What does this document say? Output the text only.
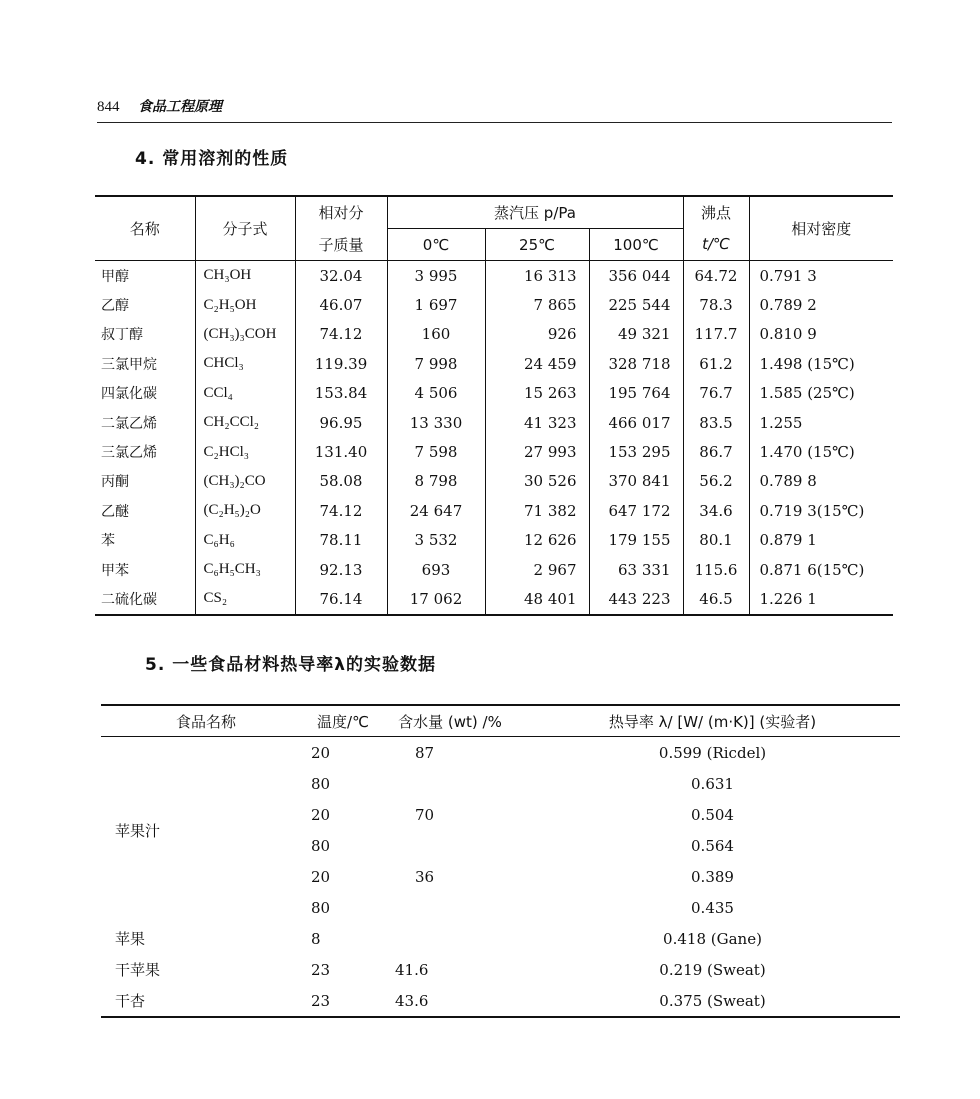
844 食品工程原理
4. 常用溶剂的性质
名称	分子式	相对分	蒸汽压 p/Pa			沸点	相对密度
		子质量	0℃	25℃	100℃	t/℃	
甲醇	CH₃OH	32.04	3 995	16 313	356 044	64.72	0.791 3
乙醇	C₂H₅OH	46.07	1 697	7 865	225 544	78.3	0.789 2
叔丁醇	(CH₃)₃COH	74.12	160	926	49 321	117.7	0.810 9
三氯甲烷	CHCl₃	119.39	7 998	24 459	328 718	61.2	1.498 (15℃)
四氯化碳	CCl₄	153.84	4 506	15 263	195 764	76.7	1.585 (25℃)
二氯乙烯	CH₂CCl₂	96.95	13 330	41 323	466 017	83.5	1.255
三氯乙烯	C₂HCl₃	131.40	7 598	27 993	153 295	86.7	1.470 (15℃)
丙酮	(CH₃)₂CO	58.08	8 798	30 526	370 841	56.2	0.789 8
乙醚	(C₂H₅)₂O	74.12	24 647	71 382	647 172	34.6	0.719 3(15℃)
苯	C₆H₆	78.11	3 532	12 626	179 155	80.1	0.879 1
甲苯	C₆H₅CH₃	92.13	693	2 967	63 331	115.6	0.871 6(15℃)
二硫化碳	CS₂	76.14	17 062	48 401	443 223	46.5	1.226 1
5. 一些食品材料热导率λ的实验数据
食品名称	温度/℃	含水量 (wt) /%	热导率 λ/ [W/ (m·K)] (实验者)
苹果汁	20	87	0.599 (Ricdel)
	80		0.631
	20	70	0.504
	80		0.564
	20	36	0.389
	80		0.435
苹果	8		0.418 (Gane)
干苹果	23	41.6	0.219 (Sweat)
干杏	23	43.6	0.375 (Sweat)
